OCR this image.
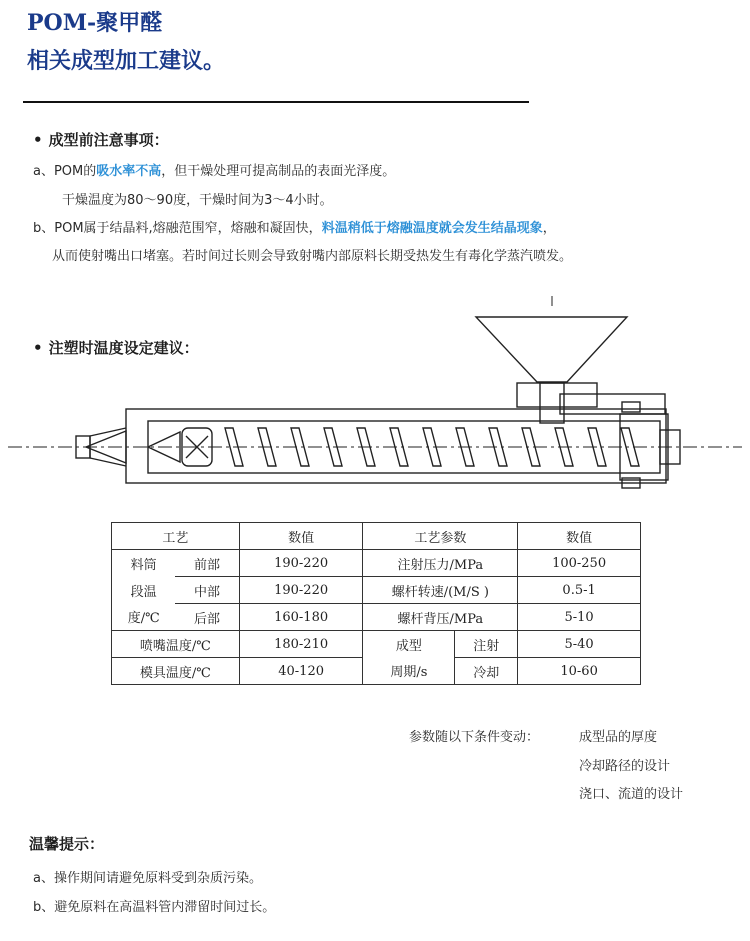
POM-聚甲醛
相关成型加工建议。
• 成型前注意事项：
a、POM的吸水率不高，但干燥处理可提高制品的表面光泽度。
干燥温度为80～90度，干燥时间为3～4小时。
b、POM属于结晶料,熔融范围窄，熔融和凝固快，料温稍低于熔融温度就会发生结晶现象，
从而使射嘴出口堵塞。若时间过长则会导致射嘴内部原料长期受热发生有毒化学蒸汽喷发。
• 注塑时温度设定建议：
工艺		数值	工艺参数		数值
料筒	前部	190-220	注射压力/MPa		100-250
段温	中部	190-220	螺杆转速/(M/S )		0.5-1
度/℃	后部	160-180	螺杆背压/MPa		5-10
喷嘴温度/℃		180-210	成型	注射	5-40
模具温度/℃		40-120	周期/s	冷却	10-60
参数随以下条件变动：	成型品的厚度
冷却路径的设计
浇口、流道的设计
温馨提示：
a、操作期间请避免原料受到杂质污染。
b、避免原料在高温料管内滞留时间过长。
